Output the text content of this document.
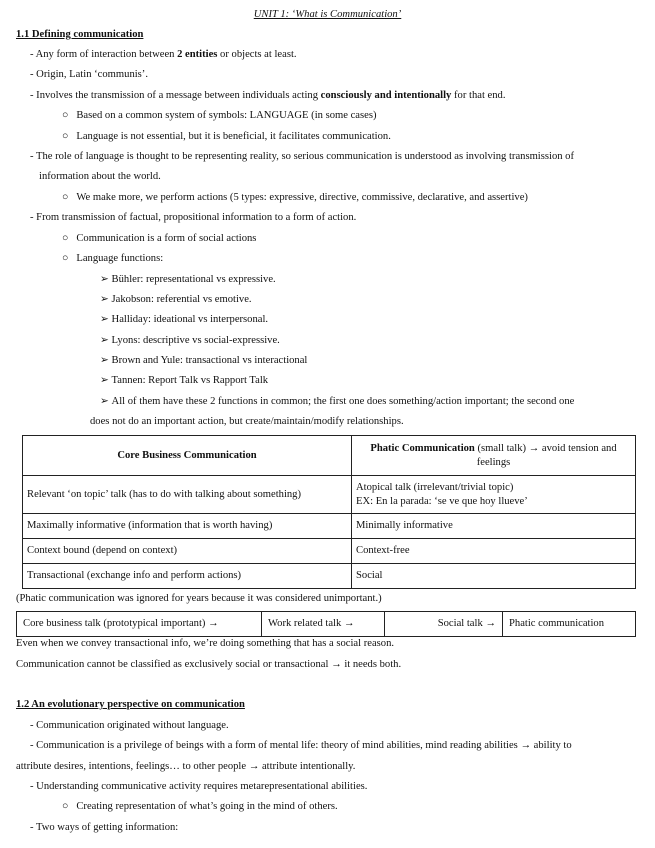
UNIT 1: ‘What is Communication’
1.1 Defining communication
- Any form of interaction between 2 entities or objects at least.
- Origin, Latin ‘communis’.
- Involves the transmission of a message between individuals acting consciously and intentionally for that end.
○ Based on a common system of symbols: LANGUAGE (in some cases)
○ Language is not essential, but it is beneficial, it facilitates communication.
- The role of language is thought to be representing reality, so serious communication is understood as involving transmission of
information about the world.
○ We make more, we perform actions (5 types: expressive, directive, commissive, declarative, and assertive)
- From transmission of factual, propositional information to a form of action.
○ Communication is a form of social actions
○ Language functions:
➢ Bühler: representational vs expressive.
➢ Jakobson: referential vs emotive.
➢ Halliday: ideational vs interpersonal.
➢ Lyons: descriptive vs social-expressive.
➢ Brown and Yule: transactional vs interactional
➢ Tannen: Report Talk vs Rapport Talk
➢ All of them have these 2 functions in common; the first one does something/action important; the second one
does not do an important action, but create/maintain/modify relationships.
Core Business Communication	Phatic Communication (small talk) → avoid tension and feelings
Relevant ‘on topic’ talk (has to do with talking about something)	Atopical talk (irrelevant/trivial topic)
EX: En la parada: ‘se ve que hoy llueve’

Maximally informative (information that is worth having)	Minimally informative
Context bound (depend on context)	Context-free
Transactional (exchange info and perform actions)	Social
(Phatic communication was ignored for years because it was considered unimportant.)
Core business talk (prototypical important) →	Work related talk →	Social talk →	Phatic communication
Even when we convey transactional info, we’re doing something that has a social reason.
Communication cannot be classified as exclusively social or transactional → it needs both.
1.2 An evolutionary perspective on communication
- Communication originated without language.
- Communication is a privilege of beings with a form of mental life: theory of mind abilities, mind reading abilities → ability to
attribute desires, intentions, feelings… to other people → attribute intentionally.
- Understanding communicative activity requires metarepresentational abilities.
○ Creating representation of what’s going in the mind of others.
- Two ways of getting information:
